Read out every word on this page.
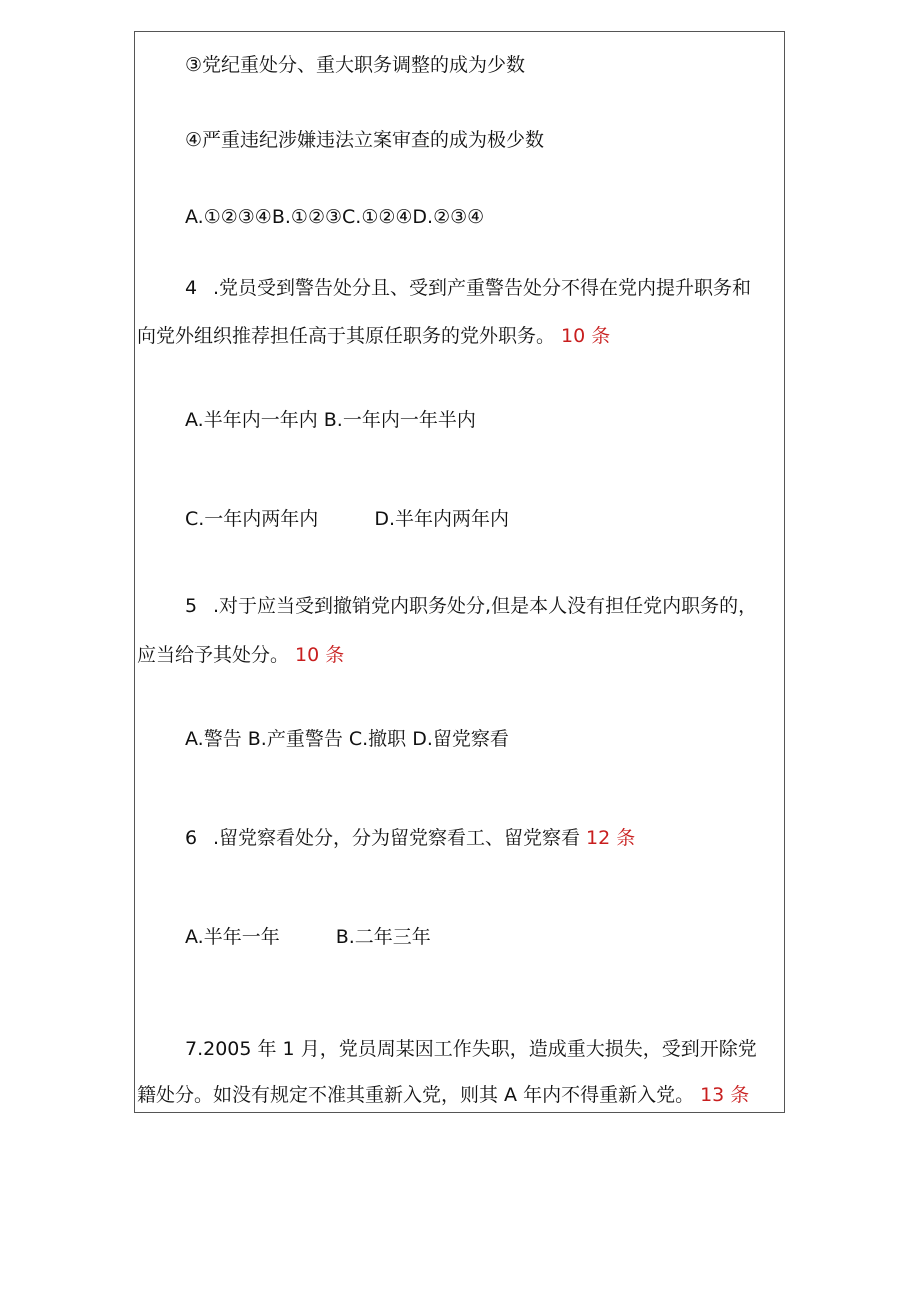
③党纪重处分、重大职务调整的成为少数
④严重违纪涉嫌违法立案审查的成为极少数
A.①②③④B.①②③C.①②④D.②③④
4 .党员受到警告处分且、受到产重警告处分不得在党内提升职务和
向党外组织推荐担任高于其原任职务的党外职务。 10 条
A.半年内一年内 B.一年内一年半内
C.一年内两年内	D.半年内两年内
5 .对于应当受到撤销党内职务处分,但是本人没有担任党内职务的，
应当给予其处分。 10 条
A.警告 B.产重警告 C.撤职 D.留党察看
6 .留党察看处分，分为留党察看工、留党察看 12 条
A.半年一年	B.二年三年
7.2005 年 1 月，党员周某因工作失职，造成重大损失，受到开除党
籍处分。如没有规定不准其重新入党，则其 A 年内不得重新入党。 13 条
